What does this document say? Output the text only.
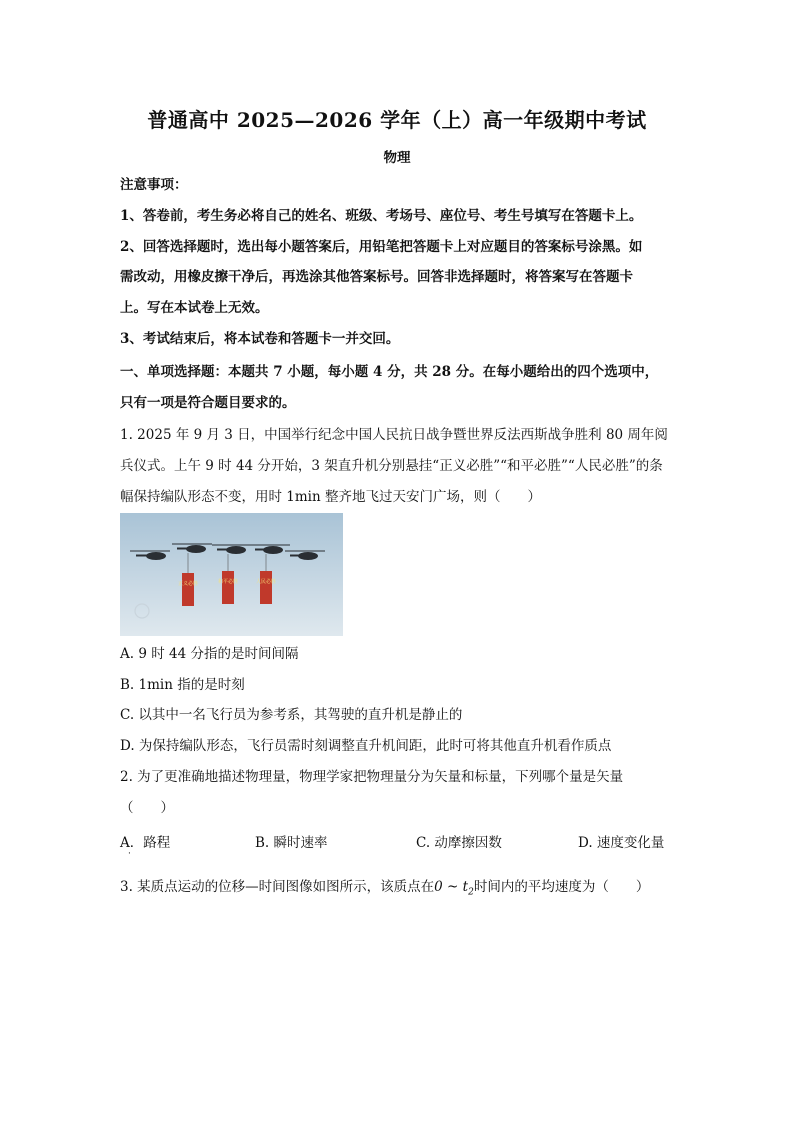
普通高中 2025—2026 学年（上）高一年级期中考试
物理
注意事项：
1、答卷前，考生务必将自己的姓名、班级、考场号、座位号、考生号填写在答题卡上。
2、回答选择题时，选出每小题答案后，用铅笔把答题卡上对应题目的答案标号涂黑。如
需改动，用橡皮擦干净后，再选涂其他答案标号。回答非选择题时，将答案写在答题卡
上。写在本试卷上无效。
3、考试结束后，将本试卷和答题卡一并交回。
一、单项选择题：本题共 7 小题，每小题 4 分，共 28 分。在每小题给出的四个选项中，
只有一项是符合题目要求的。
1. 2025 年 9 月 3 日，中国举行纪念中国人民抗日战争暨世界反法西斯战争胜利 80 周年阅
兵仪式。上午 9 时 44 分开始，3 架直升机分别悬挂“正义必胜”“和平必胜”“人民必胜”的条
幅保持编队形态不变，用时 1min 整齐地飞过天安门广场，则（　　）
正义必胜	和平必胜	人民必胜
A. 9 时 44 分指的是时间间隔
B. 1min 指的是时刻
C. 以其中一名飞行员为参考系，其驾驶的直升机是静止的
D. 为保持编队形态，飞行员需时刻调整直升机间距，此时可将其他直升机看作质点
2. 为了更准确地描述物理量，物理学家把物理量分为矢量和标量，下列哪个量是矢量
（　　）
A．路程	B. 瞬时速率	C. 动摩擦因数	D. 速度变化量
·
3. 某质点运动的位移—时间图像如图所示，该质点在0 ~ $t_2$时间内的平均速度为（　　）
